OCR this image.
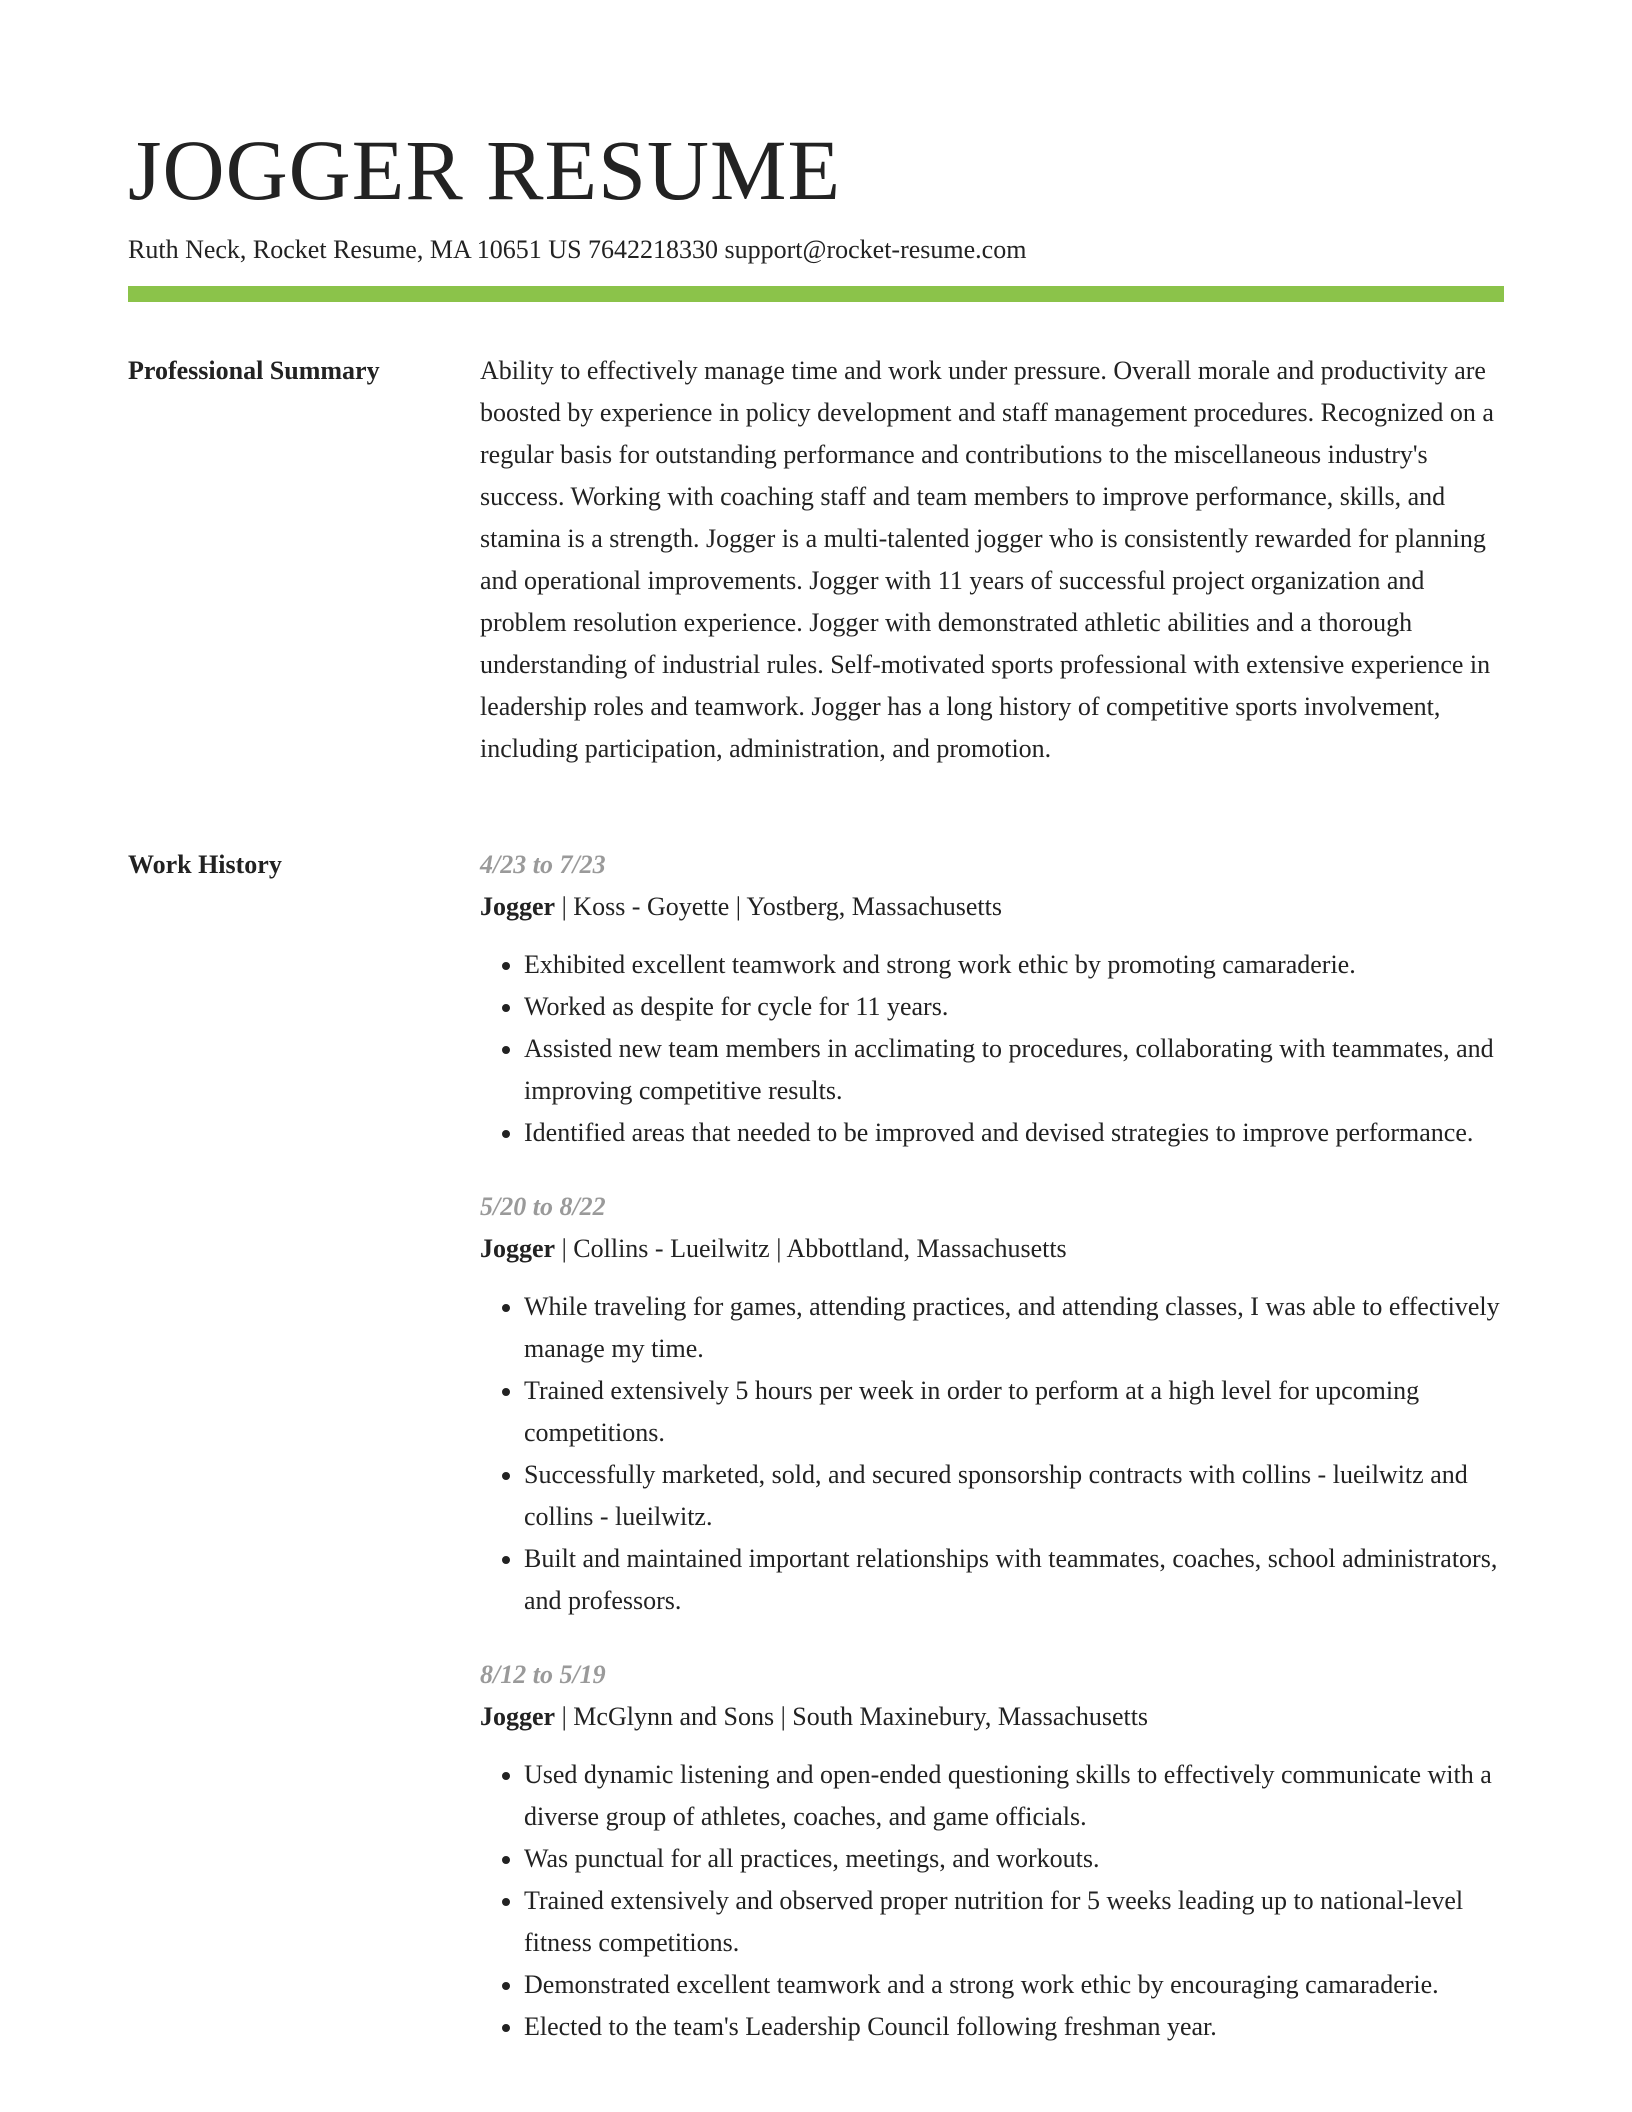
JOGGER RESUME
Ruth Neck, Rocket Resume, MA 10651 US 7642218330 support@rocket-resume.com
Professional Summary	Ability to effectively manage time and work under pressure. Overall morale and productivity are boosted by experience in policy development and staff management procedures. Recognized on a regular basis for outstanding performance and contributions to the miscellaneous industry's success. Working with coaching staff and team members to improve performance, skills, and stamina is a strength. Jogger is a multi-talented jogger who is consistently rewarded for planning and operational improvements. Jogger with 11 years of successful project organization and problem resolution experience. Jogger with demonstrated athletic abilities and a thorough understanding of industrial rules. Self-motivated sports professional with extensive experience in leadership roles and teamwork. Jogger has a long history of competitive sports involvement, including participation, administration, and promotion.

Work History	4/23 to 7/23
Jogger | Koss - Goyette | Yostberg, Massachusetts
• Exhibited excellent teamwork and strong work ethic by promoting camaraderie.
• Worked as despite for cycle for 11 years.
• Assisted new team members in acclimating to procedures, collaborating with teammates, and improving competitive results.
• Identified areas that needed to be improved and devised strategies to improve performance.
5/20 to 8/22
Jogger | Collins - Lueilwitz | Abbottland, Massachusetts
• While traveling for games, attending practices, and attending classes, I was able to effectively manage my time.
• Trained extensively 5 hours per week in order to perform at a high level for upcoming competitions.
• Successfully marketed, sold, and secured sponsorship contracts with collins - lueilwitz and collins - lueilwitz.
• Built and maintained important relationships with teammates, coaches, school administrators, and professors.
8/12 to 5/19
Jogger | McGlynn and Sons | South Maxinebury, Massachusetts
• Used dynamic listening and open-ended questioning skills to effectively communicate with a diverse group of athletes, coaches, and game officials.
• Was punctual for all practices, meetings, and workouts.
• Trained extensively and observed proper nutrition for 5 weeks leading up to national-level fitness competitions.
• Demonstrated excellent teamwork and a strong work ethic by encouraging camaraderie.
• Elected to the team's Leadership Council following freshman year.
